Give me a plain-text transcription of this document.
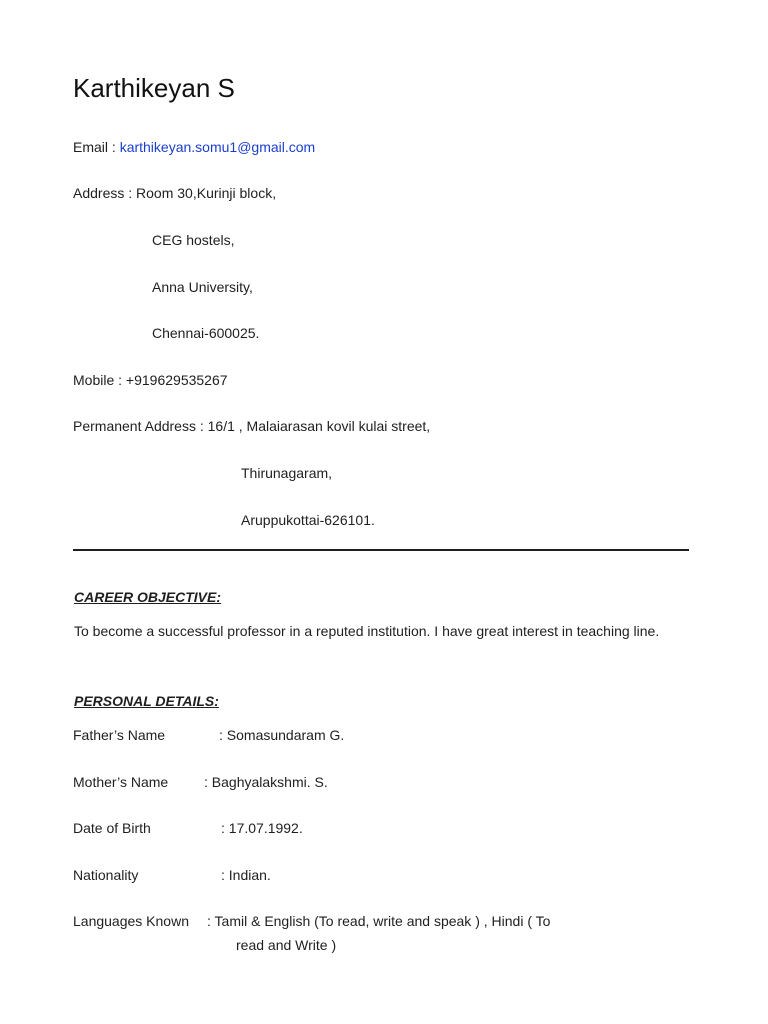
Karthikeyan S
Email : karthikeyan.somu1@gmail.com
Address : Room 30,Kurinji block,
CEG hostels,
Anna University,
Chennai-600025.
Mobile : +919629535267
Permanent Address : 16/1 , Malaiarasan kovil kulai street,
Thirunagaram,
Aruppukottai-626101.
CAREER OBJECTIVE:
To become a successful professor in a reputed institution. I have great interest in teaching line.
PERSONAL DETAILS:
Father’s Name	: Somasundaram G.
Mother’s Name	: Baghyalakshmi. S.
Date of Birth	: 17.07.1992.
Nationality	: Indian.
Languages Known : Tamil & English (To read, write and speak ) , Hindi ( To
read and Write )
